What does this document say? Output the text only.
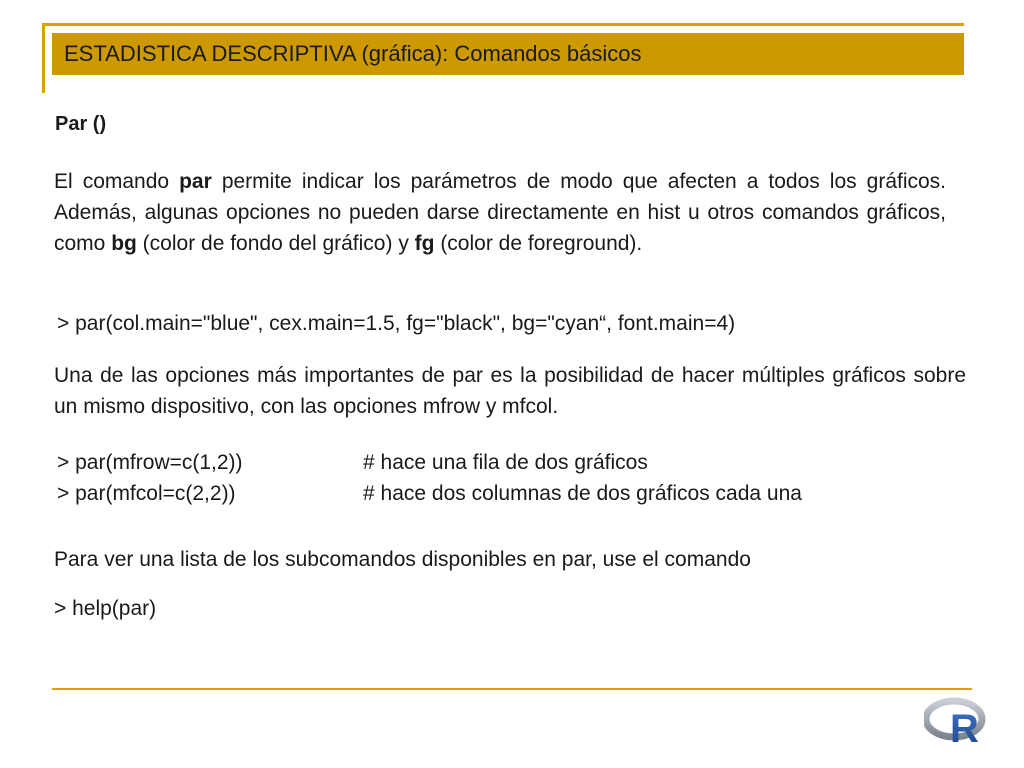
ESTADISTICA DESCRIPTIVA (gráfica): Comandos básicos
Par ()
El comando par permite indicar los parámetros de modo que afecten a todos los gráficos. Además, algunas opciones no pueden darse directamente en hist u otros comandos gráficos, como bg (color de fondo del gráfico) y fg (color de foreground).
> par(col.main="blue", cex.main=1.5, fg="black", bg="cyan“, font.main=4)
Una de las opciones más importantes de par es la posibilidad de hacer múltiples gráficos sobre un mismo dispositivo, con las opciones mfrow y mfcol.
> par(mfrow=c(1,2))	# hace una fila de dos gráficos
> par(mfcol=c(2,2))	# hace dos columnas de dos gráficos cada una
Para ver una lista de los subcomandos disponibles en par, use el comando
> help(par)
R
